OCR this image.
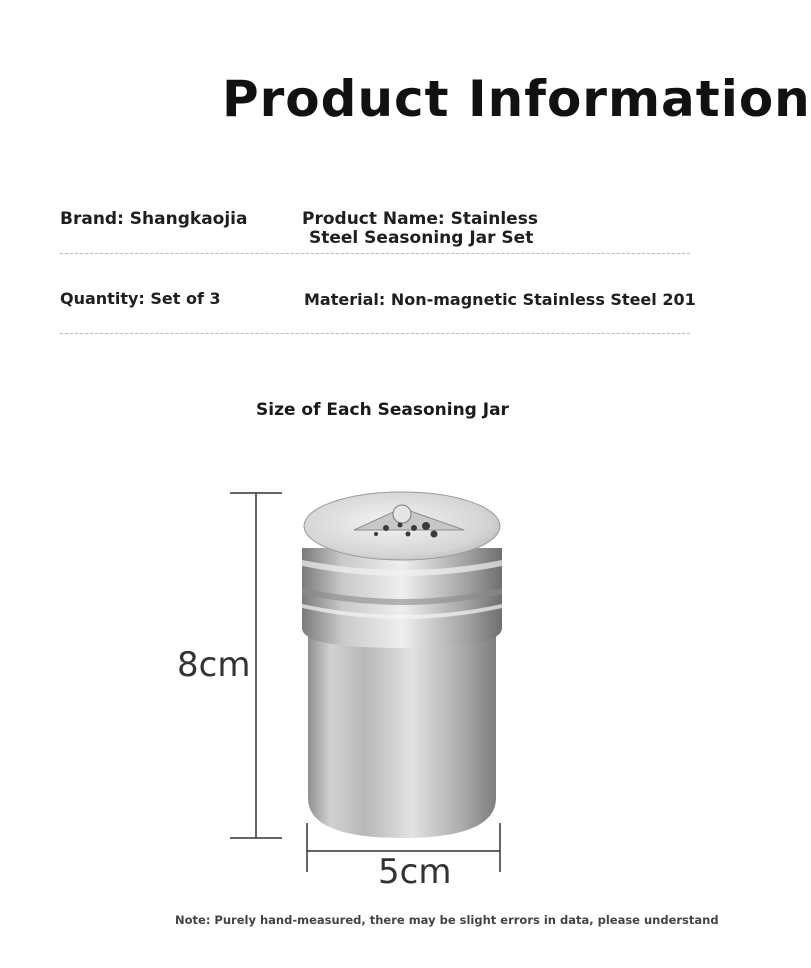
Product Information
Brand: Shangkaojia	Product Name: Stainless
Steel Seasoning Jar Set
Quantity: Set of 3	Material: Non-magnetic Stainless Steel 201
Size of Each Seasoning Jar
8cm
5cm
Note: Purely hand-measured, there may be slight errors in data, please understand
